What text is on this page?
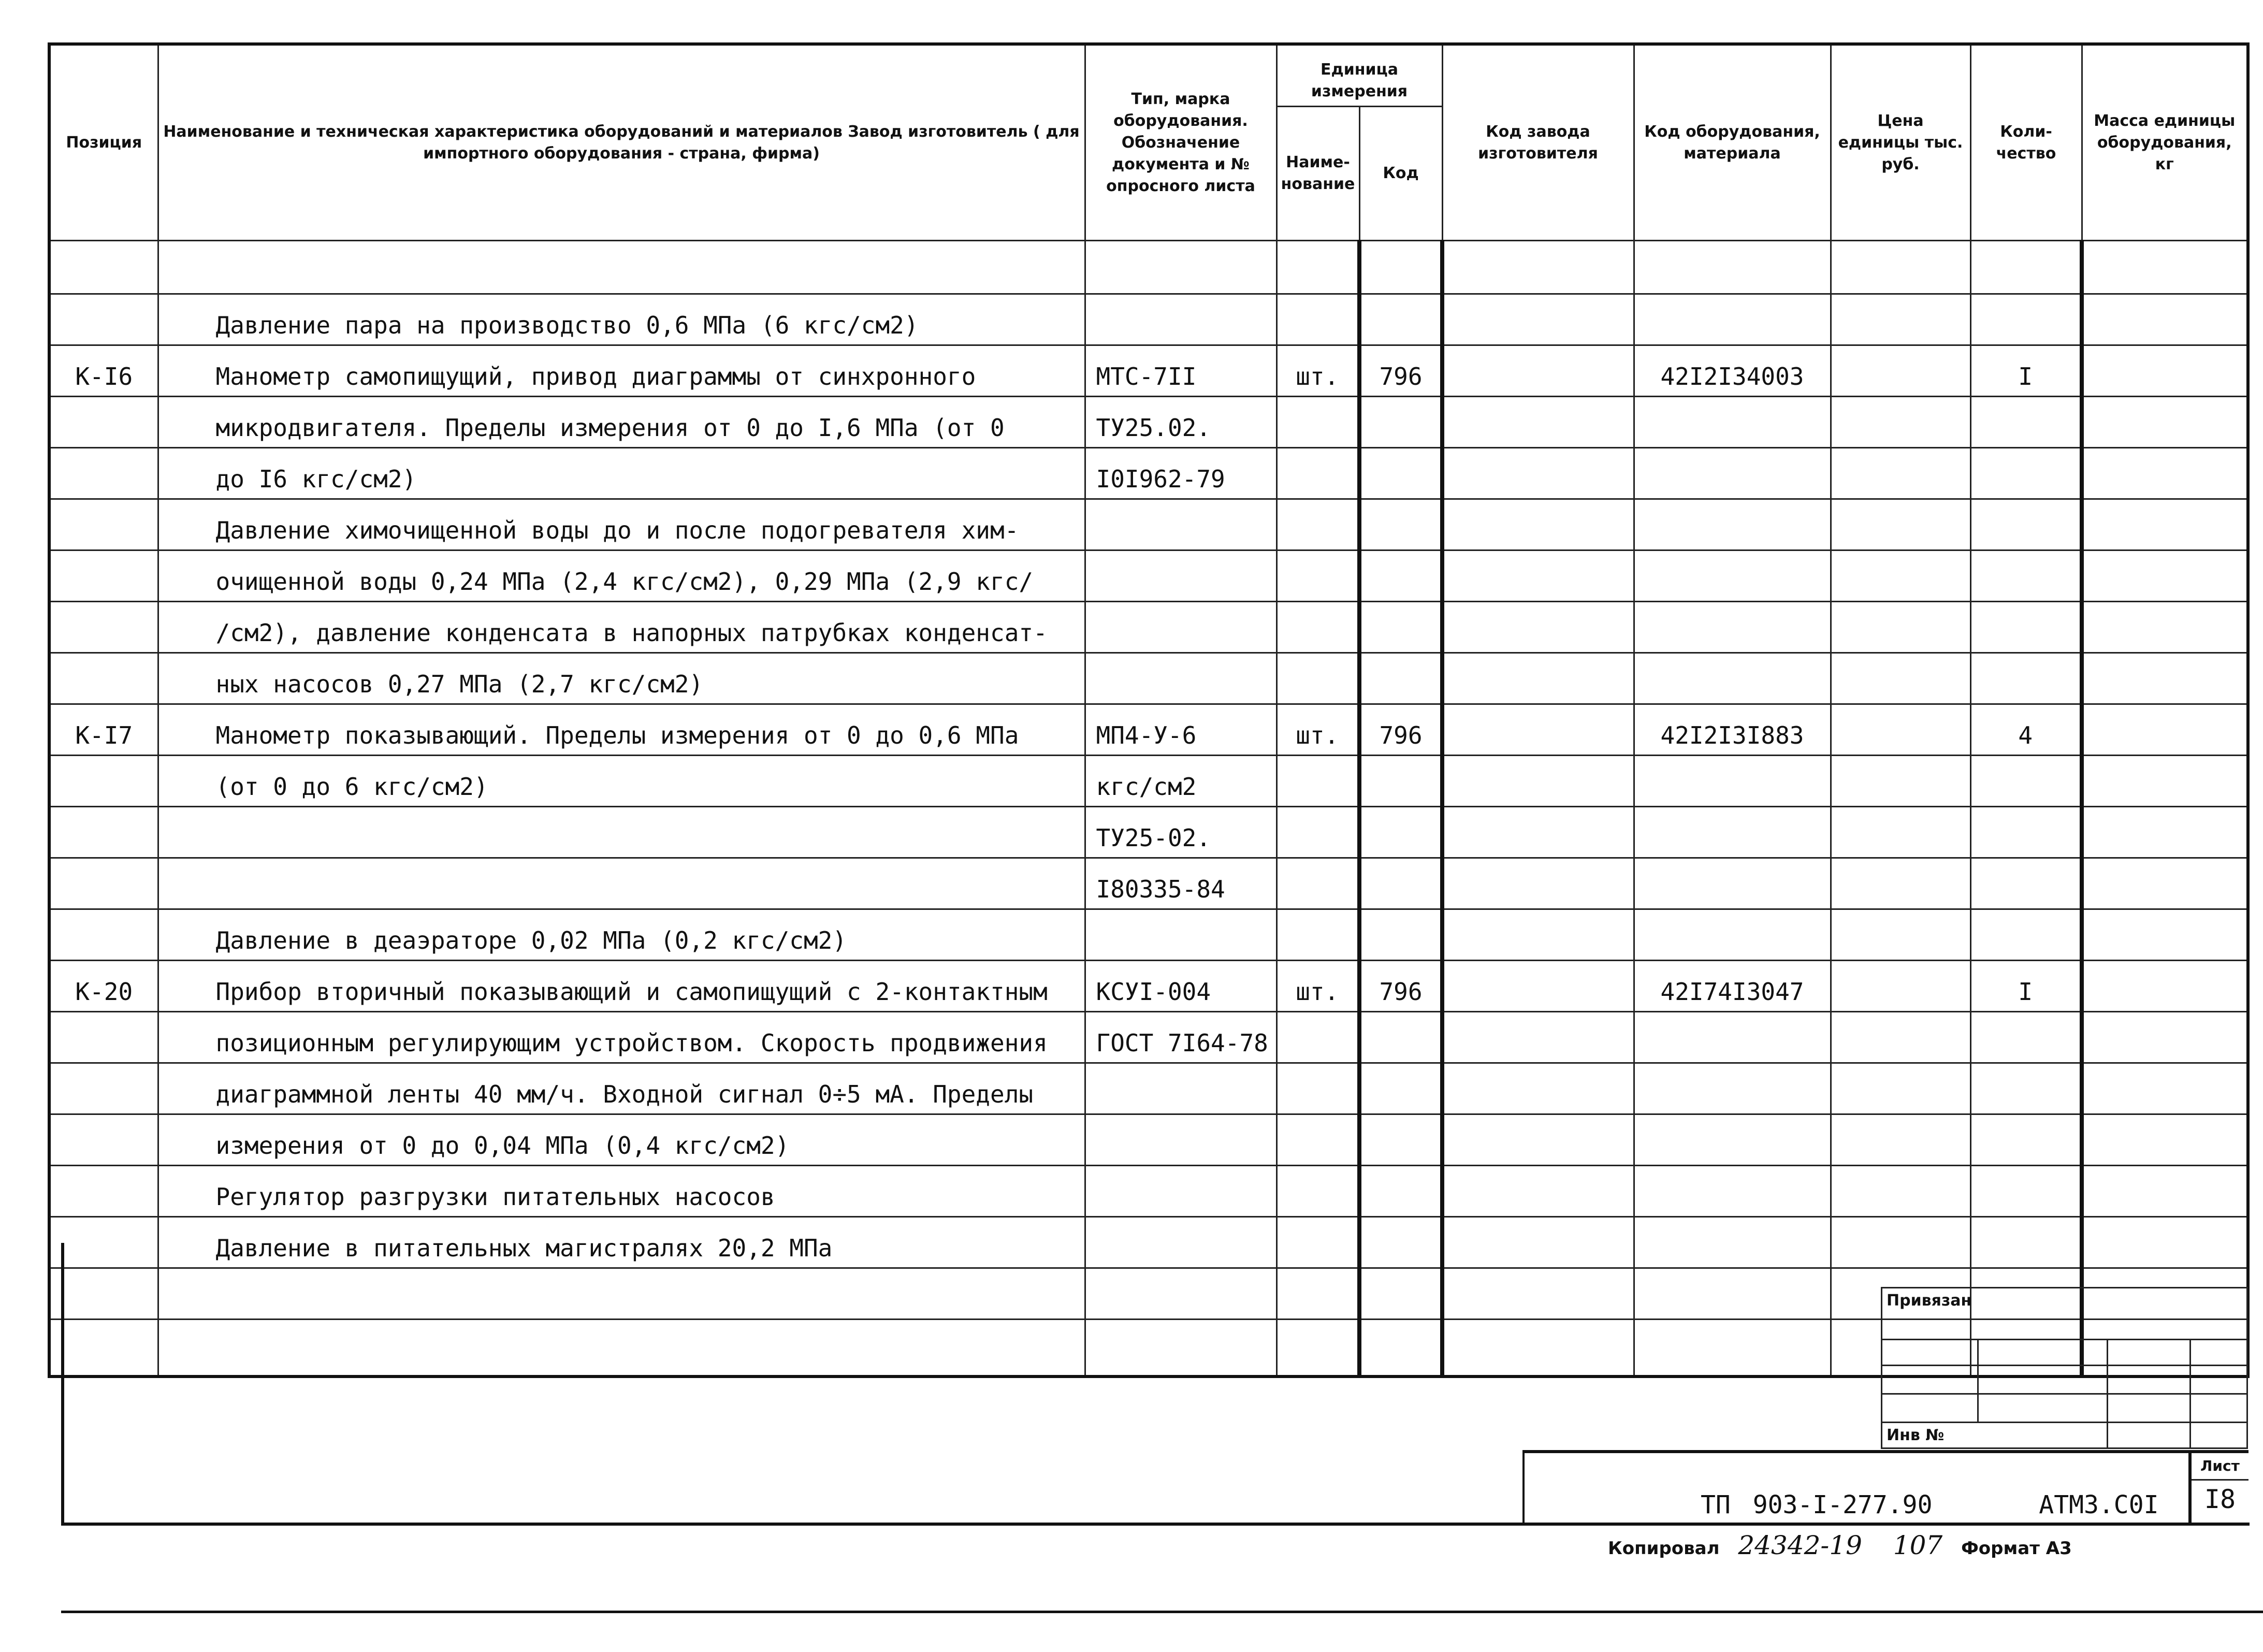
Позиция	Наименование и техническая характеристика оборудований и материалов Завод изготовитель ( для импортного оборудования - страна, фирма)	Тип, марка оборудования. Обозначение документа и № опросного листа	Единица измерения		Код завода изготовителя	Код оборудования, материала	Цена единицы тыс. руб.	Коли- чество	Масса единицы оборудования, кг
			Наиме- нование	Код					

	Давление пара на производство 0,6 МПа (6 кгс/см2)								
К-I6	Манометр самопищущий, привод диаграммы от синхронного	МТС-7II	шт.	796		42I2I34003		I	
	микродвигателя. Пределы измерения от 0 до I,6 МПа (от 0	ТУ25.02.							
	до I6 кгс/см2)	I0I962-79							
	Давление химочищенной воды до и после подогревателя хим-								
	очищенной воды 0,24 МПа (2,4 кгс/см2), 0,29 МПа (2,9 кгс/								
	/см2), давление конденсата в напорных патрубках конденсат-								
	ных насосов 0,27 МПа (2,7 кгс/см2)								
К-I7	Манометр показывающий. Пределы измерения от 0 до 0,6 МПа	МП4-У-6	шт.	796		42I2I3I883		4	
	(от 0 до 6 кгс/см2)	кгс/см2							
		ТУ25-02.							
		I80335-84							
	Давление в деаэраторе 0,02 МПа (0,2 кгс/см2)								
К-20	Прибор вторичный показывающий и самопищущий с 2-контактным	КСУI-004	шт.	796		42I74I3047		I	
	позиционным регулирующим устройством. Скорость продвижения	ГОСТ 7I64-78							
	диаграммной ленты 40 мм/ч. Входной сигнал 0÷5 мА. Пределы								
	измерения от 0 до 0,04 МПа (0,4 кгс/см2)								
	Регулятор разгрузки питательных насосов								
	Давление в питательных магистралях 20,2 МПа								

Привязан			

Инв №			
ТП 903-I-277.90	АТМ3.С0I
Лист
I8
Копировал 24342-19 107 Формат А3
